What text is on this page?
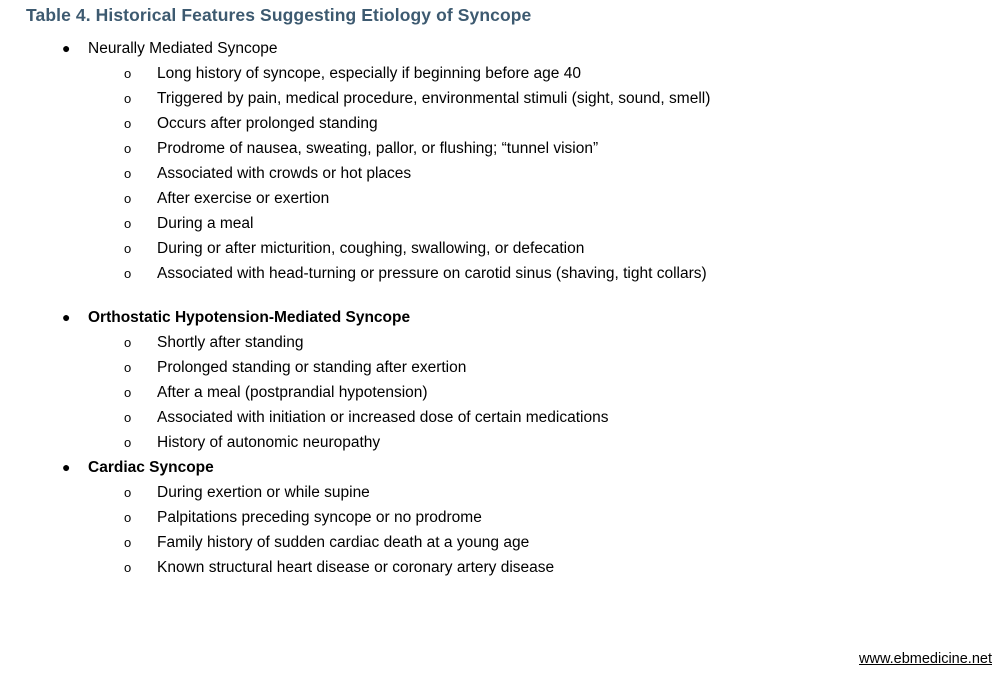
Table 4. Historical Features Suggesting Etiology of Syncope
●	Neurally Mediated Syncope
o	Long history of syncope, especially if beginning before age 40
o	Triggered by pain, medical procedure, environmental stimuli (sight, sound, smell)
o	Occurs after prolonged standing
o	Prodrome of nausea, sweating, pallor, or flushing; “tunnel vision”
o	Associated with crowds or hot places
o	After exercise or exertion
o	During a meal
o	During or after micturition, coughing, swallowing, or defecation
o	Associated with head-turning or pressure on carotid sinus (shaving, tight collars)
●	Orthostatic Hypotension-Mediated Syncope
o	Shortly after standing
o	Prolonged standing or standing after exertion
o	After a meal (postprandial hypotension)
o	Associated with initiation or increased dose of certain medications
o	History of autonomic neuropathy
●	Cardiac Syncope
o	During exertion or while supine
o	Palpitations preceding syncope or no prodrome
o	Family history of sudden cardiac death at a young age
o	Known structural heart disease or coronary artery disease
www.ebmedicine.net
